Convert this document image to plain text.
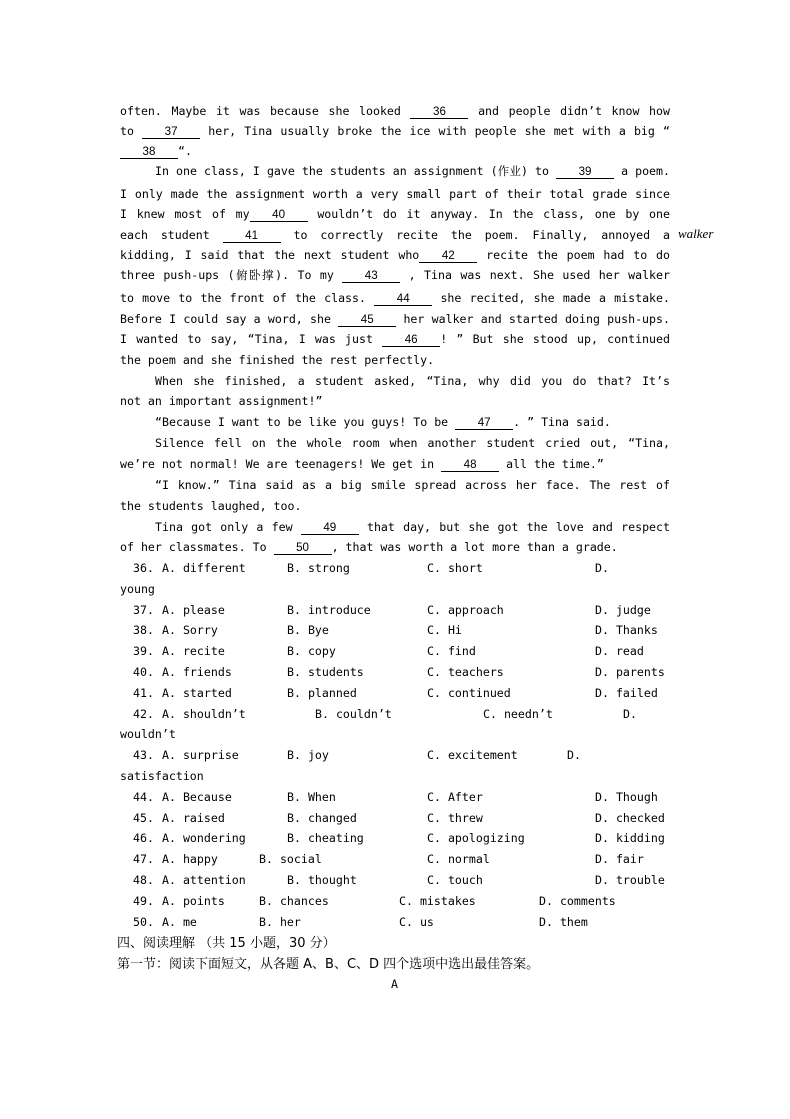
often. Maybe it was because she looked 36 and people didn’t know how
to 37 her, Tina usually broke the ice with people she met with a big “
38 “.
In one class, I gave the students an assignment (作业) to 39 a poem.
I only made the assignment worth a very small part of their total grade since
I knew most of my 40 wouldn’t do it anyway. In the class, one by one
each student 41 to correctly recite the poem. Finally, annoyed a
kidding, I said that the next student who 42 recite the poem had to do
three push-ups (俯卧撑). To my 43 , Tina was next. She used her walker
to move to the front of the class. 44 she recited, she made a mistake.
Before I could say a word, she 45 her walker and started doing push-ups.
I wanted to say, “Tina, I was just 46 ! ” But she stood up, continued
the poem and she finished the rest perfectly.
When she finished, a student asked, “Tina, why did you do that? It’s
not an important assignment!”
“Because I want to be like you guys! To be 47 . ” Tina said.
Silence fell on the whole room when another student cried out, “Tina,
we’re not normal! We are teenagers! We get in 48 all the time.”
“I know.” Tina said as a big smile spread across her face. The rest of
the students laughed, too.
Tina got only a few 49 that day, but she got the love and respect
of her classmates. To 50 , that was worth a lot more than a grade.
walker
36. A. different	B. strong	C. short	D.
young
37. A. please	B. introduce	C. approach	D. judge
38. A. Sorry	B. Bye	C. Hi	D. Thanks
39. A. recite	B. copy	C. find	D. read
40. A. friends	B. students	C. teachers	D. parents
41. A. started	B. planned	C. continued	D. failed
42. A. shouldn’t	B. couldn’t	C. needn’t	D.
wouldn’t
43. A. surprise	B. joy	C. excitement	D.
satisfaction
44. A. Because	B. When	C. After	D. Though
45. A. raised	B. changed	C. threw	D. checked
46. A. wondering	B. cheating	C. apologizing	D. kidding
47. A. happy	B. social	C. normal	D. fair
48. A. attention	B. thought	C. touch	D. trouble
49. A. points	B. chances	C. mistakes	D. comments
50. A. me	B. her	C. us	D. them
四、阅读理解 （共 15 小题，30 分）
第一节：阅读下面短文，从各题 A、B、C、D 四个选项中选出最佳答案。
A
